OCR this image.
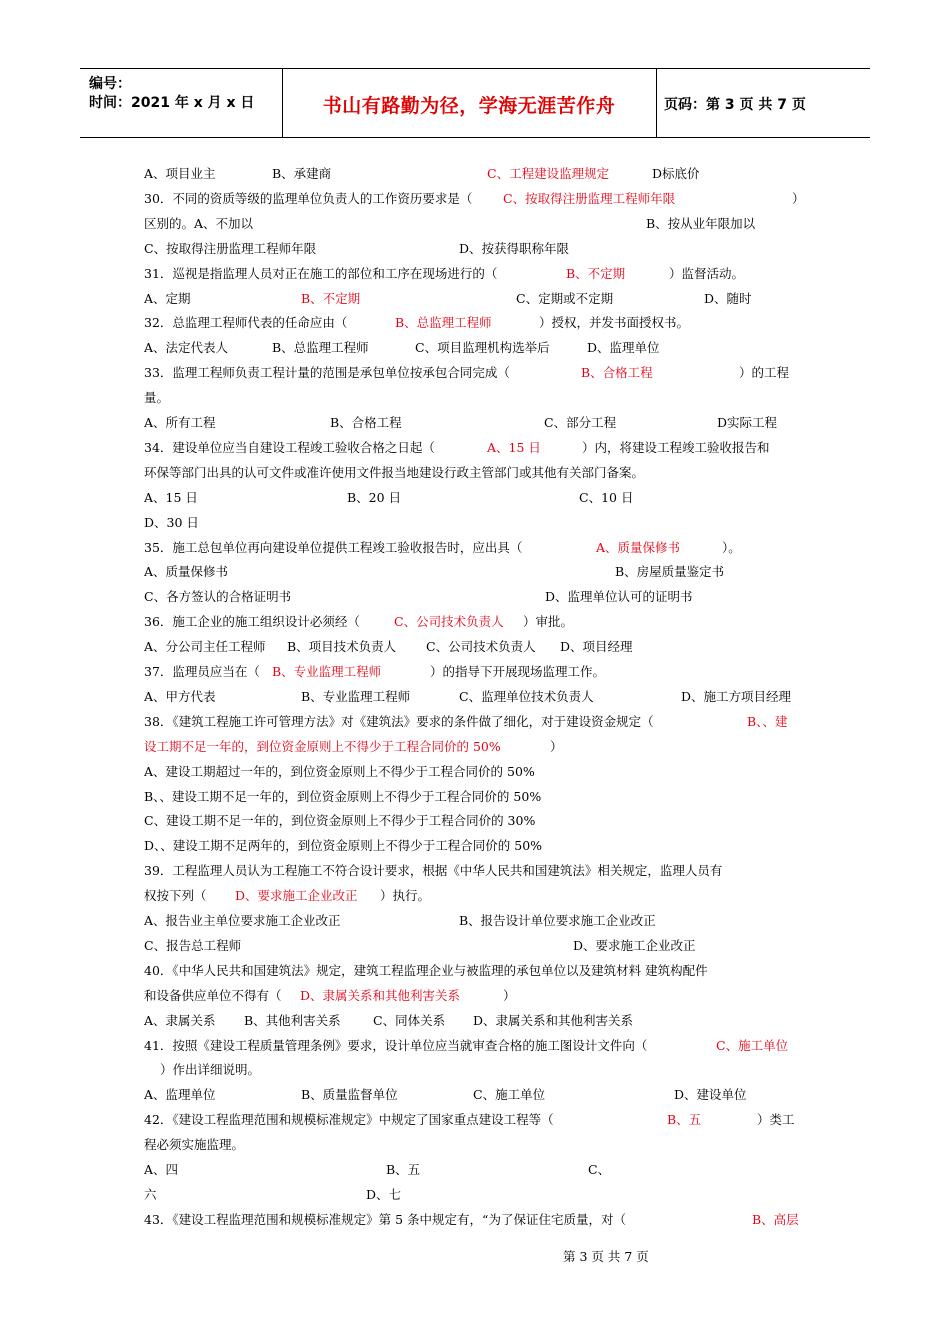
编号：
时间：2021 年 x 月 x 日	书山有路勤为径，学海无涯苦作舟	页码：第 3 页 共 7 页
A、项目业主	B、承建商	C、工程建设监理规定	D标底价
30．不同的资质等级的监理单位负责人的工作资历要求是（ C、按取得注册监理工程师年限	）
区别的。A、不加以	B、按从业年限加以
C、按取得注册监理工程师年限	D、按获得职称年限
31．巡视是指监理人员对正在施工的部位和工序在现场进行的（	B、不定期	）监督活动。
A、定期	B、不定期	C、定期或不定期	D、随时
32．总监理工程师代表的任命应由（	B、总监理工程师	）授权，并发书面授权书。
A、法定代表人	B、总监理工程师	C、项目监理机构选举后	D、监理单位
33．监理工程师负责工程计量的范围是承包单位按承包合同完成（	B、合格工程	）的工程
量。
A、所有工程	B、合格工程	C、部分工程	D实际工程
34．建设单位应当自建设工程竣工验收合格之日起（	A、15 日	）内，将建设工程竣工验收报告和
环保等部门出具的认可文件或准许使用文件报当地建设行政主管部门或其他有关部门备案。
A、15 日	B、20 日	C、10 日
D、30 日
35．施工总包单位再向建设单位提供工程竣工验收报告时，应出具（	A、质量保修书	）。
A、质量保修书	B、房屋质量鉴定书
C、各方签认的合格证明书	D、监理单位认可的证明书
36．施工企业的施工组织设计必须经（	C、公司技术负责人 ）审批。
A、分公司主任工程师 B、项目技术负责人 C、公司技术负责人 D、项目经理
37．监理员应当在（ B、专业监理工程师	）的指导下开展现场监理工作。
A、甲方代表	B、专业监理工程师	C、监理单位技术负责人	D、施工方项目经理
38．《建筑工程施工许可管理方法》对《建筑法》要求的条件做了细化，对于建设资金规定（	B、、建
设工期不足一年的，到位资金原则上不得少于工程合同价的 50%	）
A、建设工期超过一年的，到位资金原则上不得少于工程合同价的 50%
B、、建设工期不足一年的，到位资金原则上不得少于工程合同价的 50%
C、建设工期不足一年的，到位资金原则上不得少于工程合同价的 30%
D、、建设工期不足两年的，到位资金原则上不得少于工程合同价的 50%
39．工程监理人员认为工程施工不符合设计要求，根据《中华人民共和国建筑法》相关规定，监理人员有
权按下列（ D、要求施工企业改正 ）执行。
A、报告业主单位要求施工企业改正	B、报告设计单位要求施工企业改正
C、报告总工程师	D、要求施工企业改正
40．《中华人民共和国建筑法》规定，建筑工程监理企业与被监理的承包单位以及建筑材料 建筑构配件
和设备供应单位不得有（ D、隶属关系和其他利害关系	）
A、隶属关系 B、其他利害关系	C、同体关系 D、隶属关系和其他利害关系
41．按照《建设工程质量管理条例》要求，设计单位应当就审查合格的施工图设计文件向（	C、施工单位
）作出详细说明。
A、监理单位	B、质量监督单位	C、施工单位	D、建设单位
42．《建设工程监理范围和规模标准规定》中规定了国家重点建设工程等（	B、五	）类工
程必须实施监理。
A、四	B、五	C、
六	D、七
43．《建设工程监理范围和规模标准规定》第 5 条中规定有，“为了保证住宅质量，对（	B、高层
第 3 页 共 7 页
